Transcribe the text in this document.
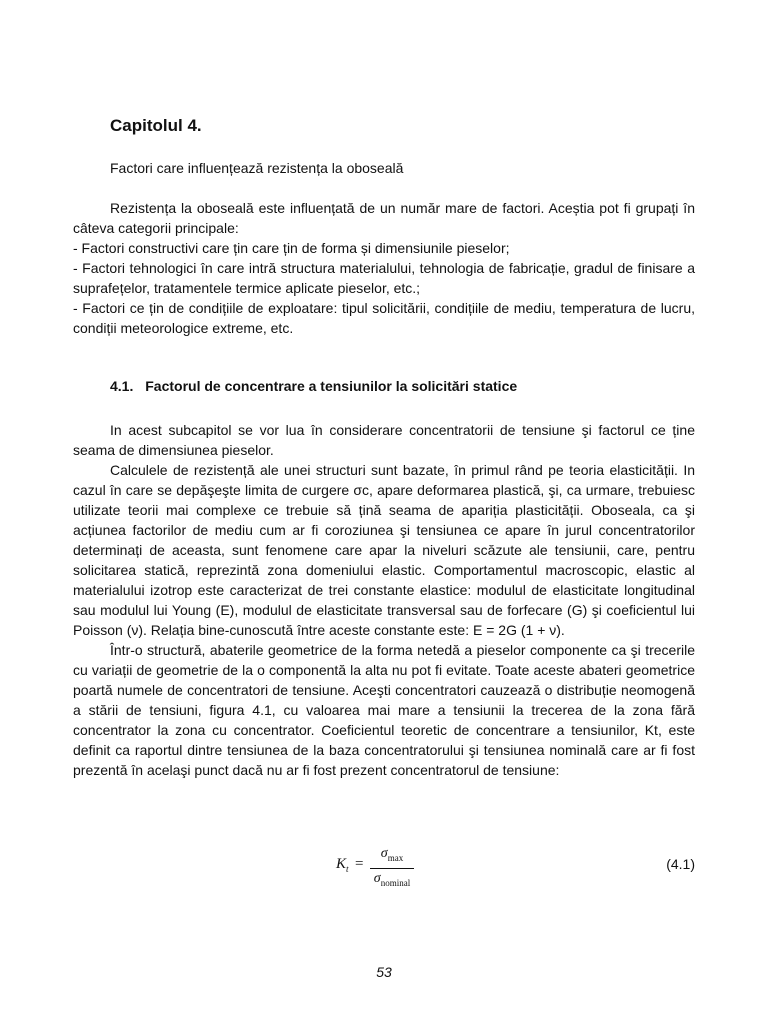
Capitolul 4.
Factori care influențează rezistența la oboseală

Rezistența la oboseală este influențată de un număr mare de factori. Aceștia pot fi grupați în câteva categorii principale:

- Factori constructivi care țin care țin de forma și dimensiunile pieselor;

- Factori tehnologici în care intră structura materialului, tehnologia de fabricație, gradul de finisare a suprafețelor, tratamentele termice aplicate pieselor, etc.;

- Factori ce țin de condițiile de exploatare: tipul solicitării, condițiile de mediu, temperatura de lucru, condiții meteorologice extreme, etc.

4.1. Factorul de concentrare a tensiunilor la solicitări statice

In acest subcapitol se vor lua în considerare concentratorii de tensiune şi factorul ce ține seama de dimensiunea pieselor.

Calculele de rezistență ale unei structuri sunt bazate, în primul rând pe teoria elasticității. In cazul în care se depăşeşte limita de curgere σc, apare deformarea plastică, şi, ca urmare, trebuiesc utilizate teorii mai complexe ce trebuie să țină seama de apariția plasticității. Oboseala, ca şi acțiunea factorilor de mediu cum ar fi coroziunea şi tensiunea ce apare în jurul concentratorilor determinați de aceasta, sunt fenomene care apar la niveluri scăzute ale tensiunii, care, pentru solicitarea statică, reprezintă zona domeniului elastic. Comportamentul macroscopic, elastic al materialului izotrop este caracterizat de trei constante elastice: modulul de elasticitate longitudinal sau modulul lui Young (E), modulul de elasticitate transversal sau de forfecare (G) şi coeficientul lui Poisson (ν). Relația bine-cunoscută între aceste constante este: E = 2G (1 + ν).

Într-o structură, abaterile geometrice de la forma netedă a pieselor componente ca şi trecerile cu variații de geometrie de la o componentă la alta nu pot fi evitate. Toate aceste abateri geometrice poartă numele de concentratori de tensiune. Aceşti concentratori cauzează o distribuție neomogenă a stării de tensiuni, figura 4.1, cu valoarea mai mare a tensiunii la trecerea de la zona fără concentrator la zona cu concentrator. Coeficientul teoretic de concentrare a tensiunilor, Kt, este definit ca raportul dintre tensiunea de la baza concentratorului şi tensiunea nominală care ar fi fost prezentă în acelaşi punct dacă nu ar fi fost prezent concentratorul de tensiune:

$K_t$ =
$\sigma_{max}$
$\sigma_{nominal}$
(4.1)
53
